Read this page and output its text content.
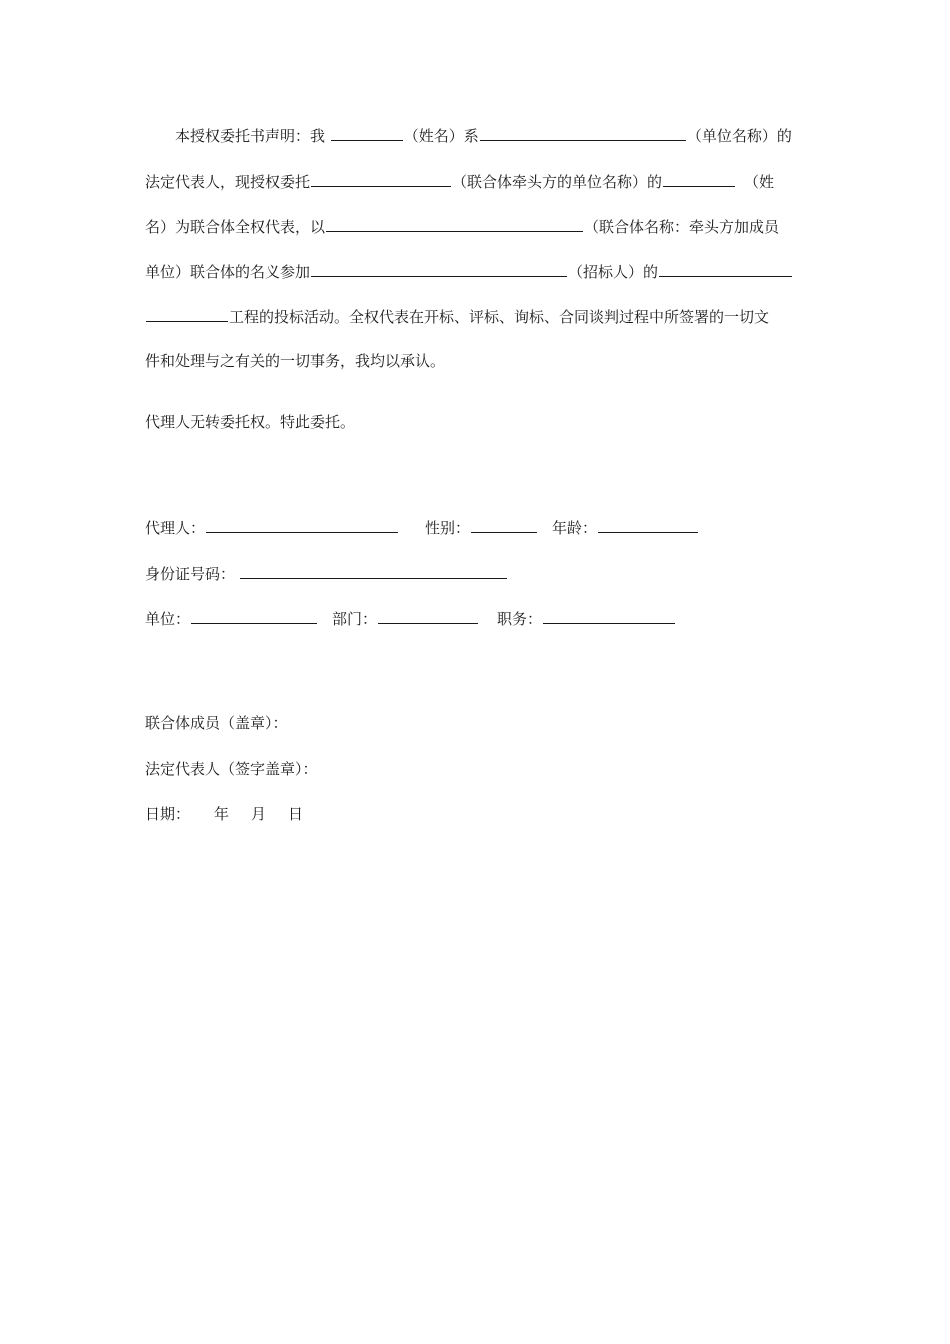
本授权委托书声明：我	（姓名）系	（单位名称）的
法定代表人，现授权委托	（联合体牵头方的单位名称）的	（姓
名）为联合体全权代表，以	（联合体名称：牵头方加成员
单位）联合体的名义参加	（招标人）的
工程的投标活动。全权代表在开标、评标、询标、合同谈判过程中所签署的一切文
件和处理与之有关的一切事务，我均以承认。
代理人无转委托权。特此委托。
代理人：	性别：	年龄：
身份证号码：
单位：	部门：	职务：
联合体成员（盖章）：
法定代表人（签字盖章）：
日期： 年 月 日
